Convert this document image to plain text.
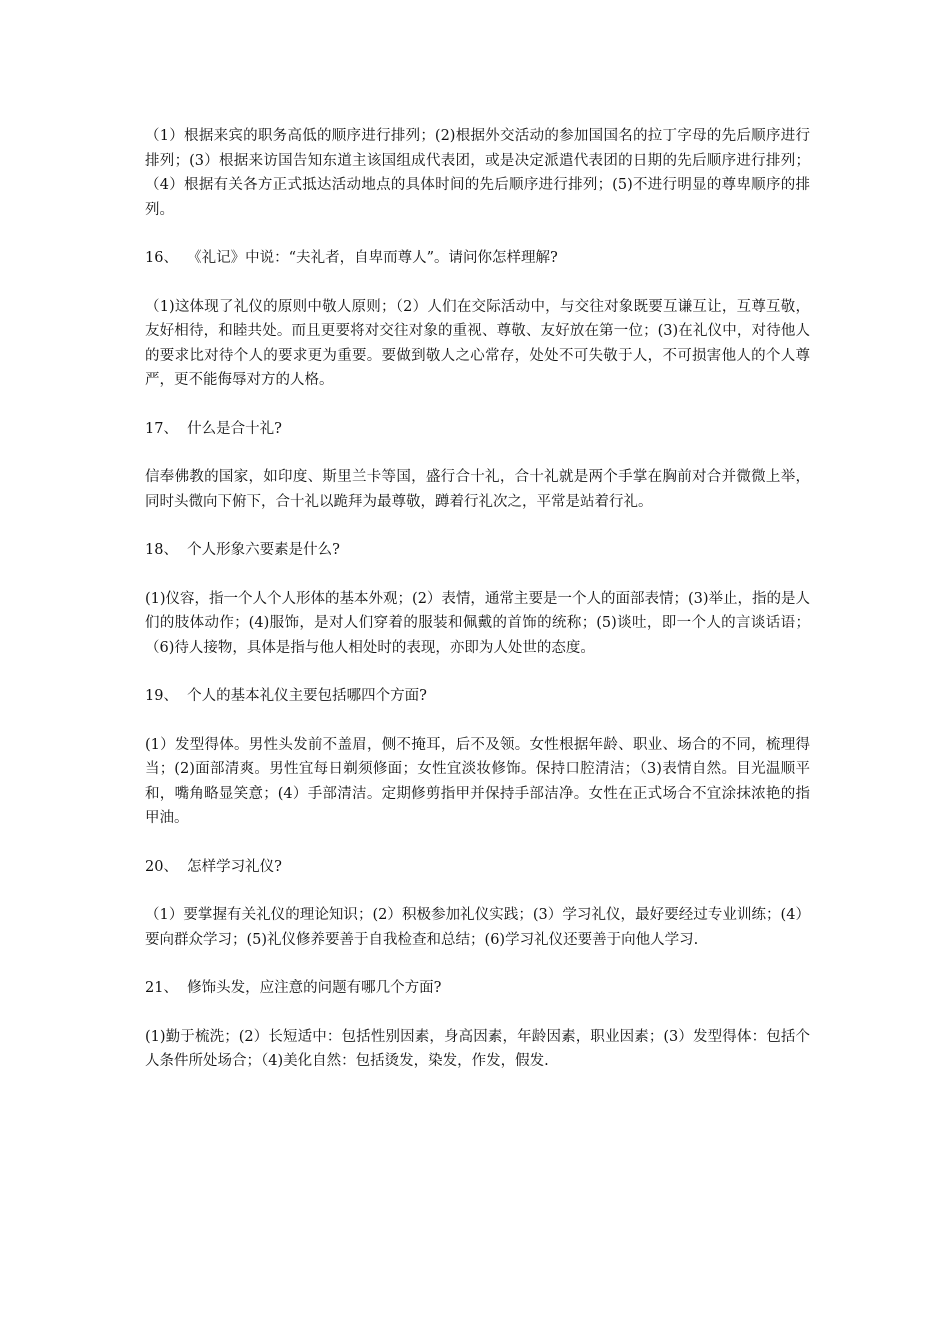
（1）根据来宾的职务高低的顺序进行排列；(2)根据外交活动的参加国国名的拉丁字母的先后顺序进行排列；(3）根据来访国告知东道主该国组成代表团，或是决定派遣代表团的日期的先后顺序进行排列；（4）根据有关各方正式抵达活动地点的具体时间的先后顺序进行排列；(5)不进行明显的尊卑顺序的排列。

16、  《礼记》中说：“夫礼者，自卑而尊人”。请问你怎样理解?

（1)这体现了礼仪的原则中敬人原则；（2）人们在交际活动中，与交往对象既要互谦互让，互尊互敬，友好相待，和睦共处。而且更要将对交往对象的重视、尊敬、友好放在第一位；(3)在礼仪中，对待他人的要求比对待个人的要求更为重要。要做到敬人之心常存，处处不可失敬于人，不可损害他人的个人尊严，更不能侮辱对方的人格。

17、  什么是合十礼?

信奉佛教的国家，如印度、斯里兰卡等国，盛行合十礼，合十礼就是两个手掌在胸前对合并微微上举，同时头微向下俯下，合十礼以跪拜为最尊敬，蹲着行礼次之，平常是站着行礼。

18、  个人形象六要素是什么?

(1)仪容，指一个人个人形体的基本外观；(2）表情，通常主要是一个人的面部表情；(3)举止，指的是人们的肢体动作；(4)服饰，是对人们穿着的服装和佩戴的首饰的统称；(5)谈吐，即一个人的言谈话语；（6)待人接物，具体是指与他人相处时的表现，亦即为人处世的态度。

19、  个人的基本礼仪主要包括哪四个方面?

(1）发型得体。男性头发前不盖眉，侧不掩耳，后不及领。女性根据年龄、职业、场合的不同，梳理得当；(2)面部清爽。男性宜每日剃须修面；女性宜淡妆修饰。保持口腔清洁；（3)表情自然。目光温顺平和，嘴角略显笑意；(4）手部清洁。定期修剪指甲并保持手部洁净。女性在正式场合不宜涂抹浓艳的指甲油。

20、  怎样学习礼仪?

（1）要掌握有关礼仪的理论知识；(2）积极参加礼仪实践；(3）学习礼仪，最好要经过专业训练；(4）要向群众学习；(5)礼仪修养要善于自我检查和总结；(6)学习礼仪还要善于向他人学习.

21、  修饰头发，应注意的问题有哪几个方面?

(1)勤于梳洗；(2）长短适中：包括性别因素，身高因素，年龄因素，职业因素；(3）发型得体：包括个人条件所处场合；（4)美化自然：包括烫发，染发，作发，假发.
